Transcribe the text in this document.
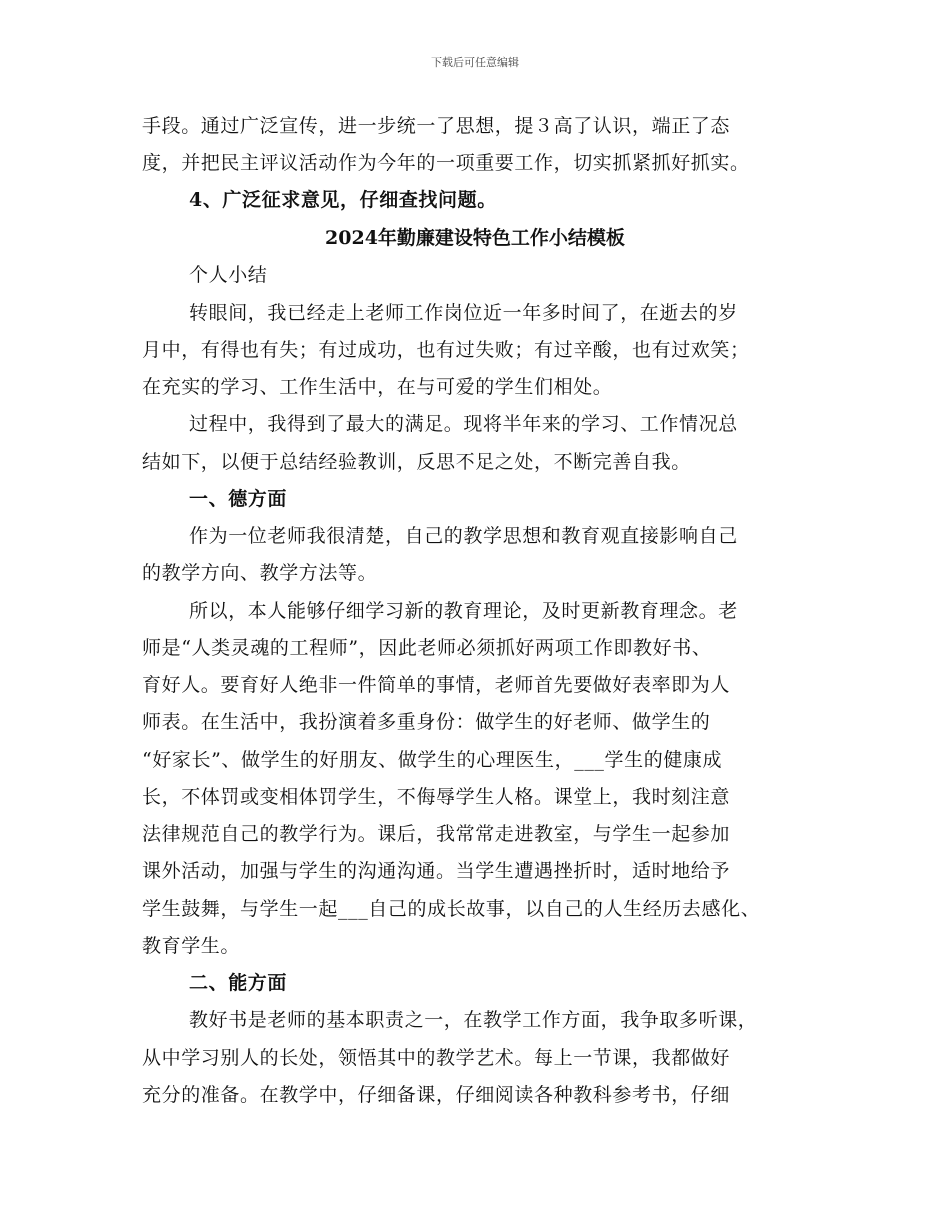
下载后可任意编辑
手段。通过广泛宣传，进一步统一了思想，提３高了认识，端正了态
度，并把民主评议活动作为今年的一项重要工作，切实抓紧抓好抓实。
4、广泛征求意见，仔细查找问题。
2024年勤廉建设特色工作小结模板
个人小结
转眼间，我已经走上老师工作岗位近一年多时间了，在逝去的岁
月中，有得也有失；有过成功，也有过失败；有过辛酸，也有过欢笑；
在充实的学习、工作生活中，在与可爱的学生们相处。
过程中，我得到了最大的满足。现将半年来的学习、工作情况总
结如下，以便于总结经验教训，反思不足之处，不断完善自我。
一、德方面
作为一位老师我很清楚，自己的教学思想和教育观直接影响自己
的教学方向、教学方法等。
所以，本人能够仔细学习新的教育理论，及时更新教育理念。老
师是“人类灵魂的工程师”，因此老师必须抓好两项工作即教好书、
育好人。要育好人绝非一件简单的事情，老师首先要做好表率即为人
师表。在生活中，我扮演着多重身份：做学生的好老师、做学生的
“好家长”、做学生的好朋友、做学生的心理医生，___学生的健康成
长，不体罚或变相体罚学生，不侮辱学生人格。课堂上，我时刻注意
法律规范自己的教学行为。课后，我常常走进教室，与学生一起参加
课外活动，加强与学生的沟通沟通。当学生遭遇挫折时，适时地给予
学生鼓舞，与学生一起___自己的成长故事，以自己的人生经历去感化、
教育学生。
二、能方面
教好书是老师的基本职责之一，在教学工作方面，我争取多听课，
从中学习别人的长处，领悟其中的教学艺术。每上一节课，我都做好
充分的准备。在教学中，仔细备课，仔细阅读各种教科参考书，仔细
